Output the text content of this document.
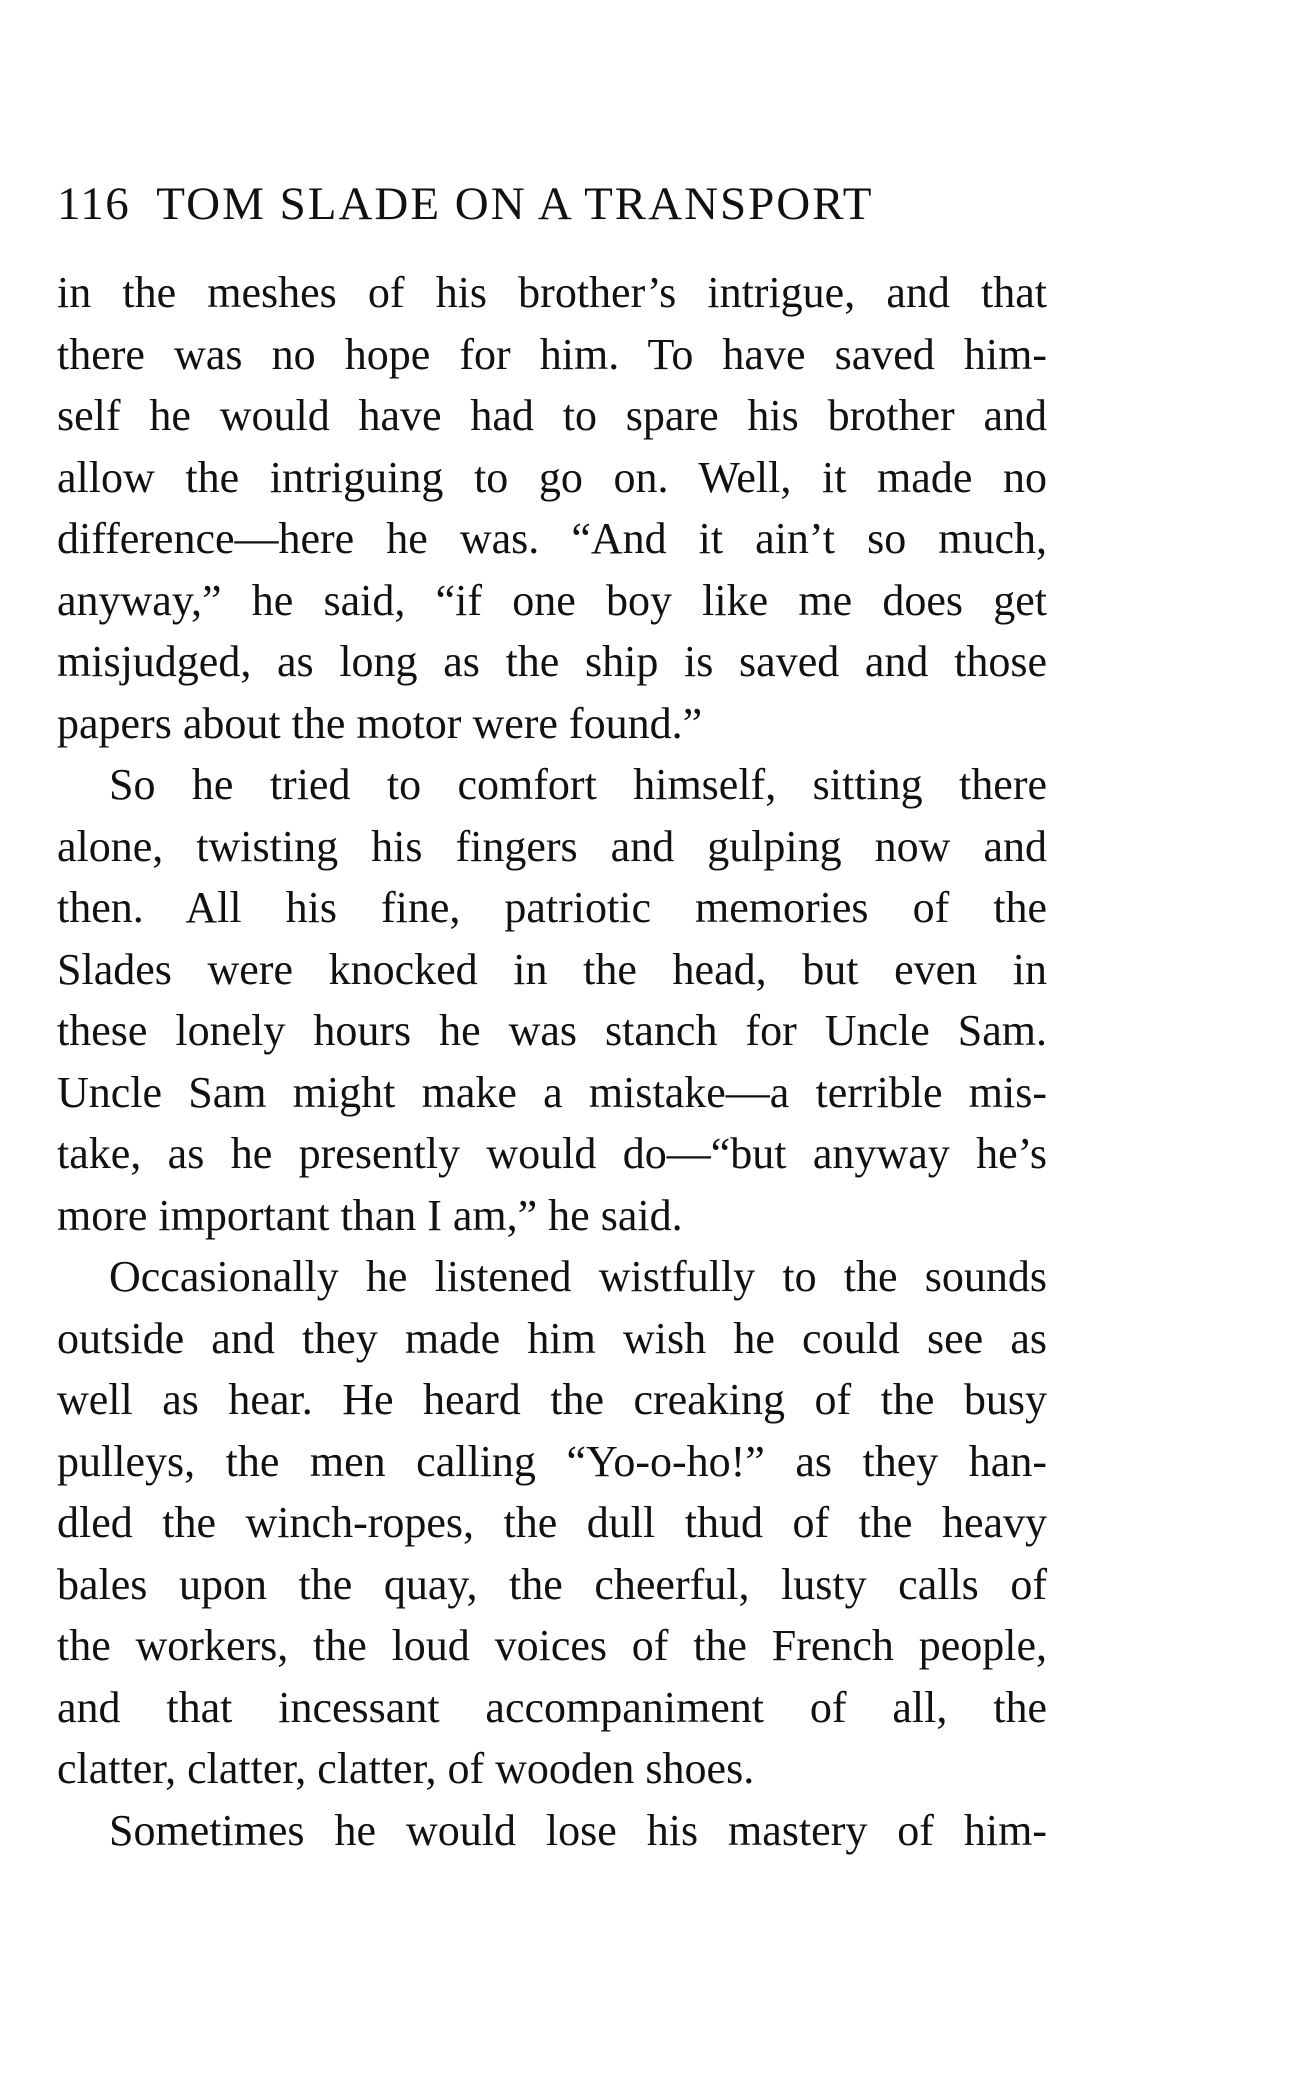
116 TOM SLADE ON A TRANSPORT
in the meshes of his brother’s intrigue, and that
there was no hope for him. To have saved him-
self he would have had to spare his brother and
allow the intriguing to go on. Well, it made no
difference—here he was. “And it ain’t so much,
anyway,” he said, “if one boy like me does get
misjudged, as long as the ship is saved and those
papers about the motor were found.”
So he tried to comfort himself, sitting there
alone, twisting his fingers and gulping now and
then. All his fine, patriotic memories of the
Slades were knocked in the head, but even in
these lonely hours he was stanch for Uncle Sam.
Uncle Sam might make a mistake—a terrible mis-
take, as he presently would do—“but anyway he’s
more important than I am,” he said.
Occasionally he listened wistfully to the sounds
outside and they made him wish he could see as
well as hear. He heard the creaking of the busy
pulleys, the men calling “Yo-o-ho!” as they han-
dled the winch-ropes, the dull thud of the heavy
bales upon the quay, the cheerful, lusty calls of
the workers, the loud voices of the French people,
and that incessant accompaniment of all, the
clatter, clatter, clatter, of wooden shoes.
Sometimes he would lose his mastery of him-
